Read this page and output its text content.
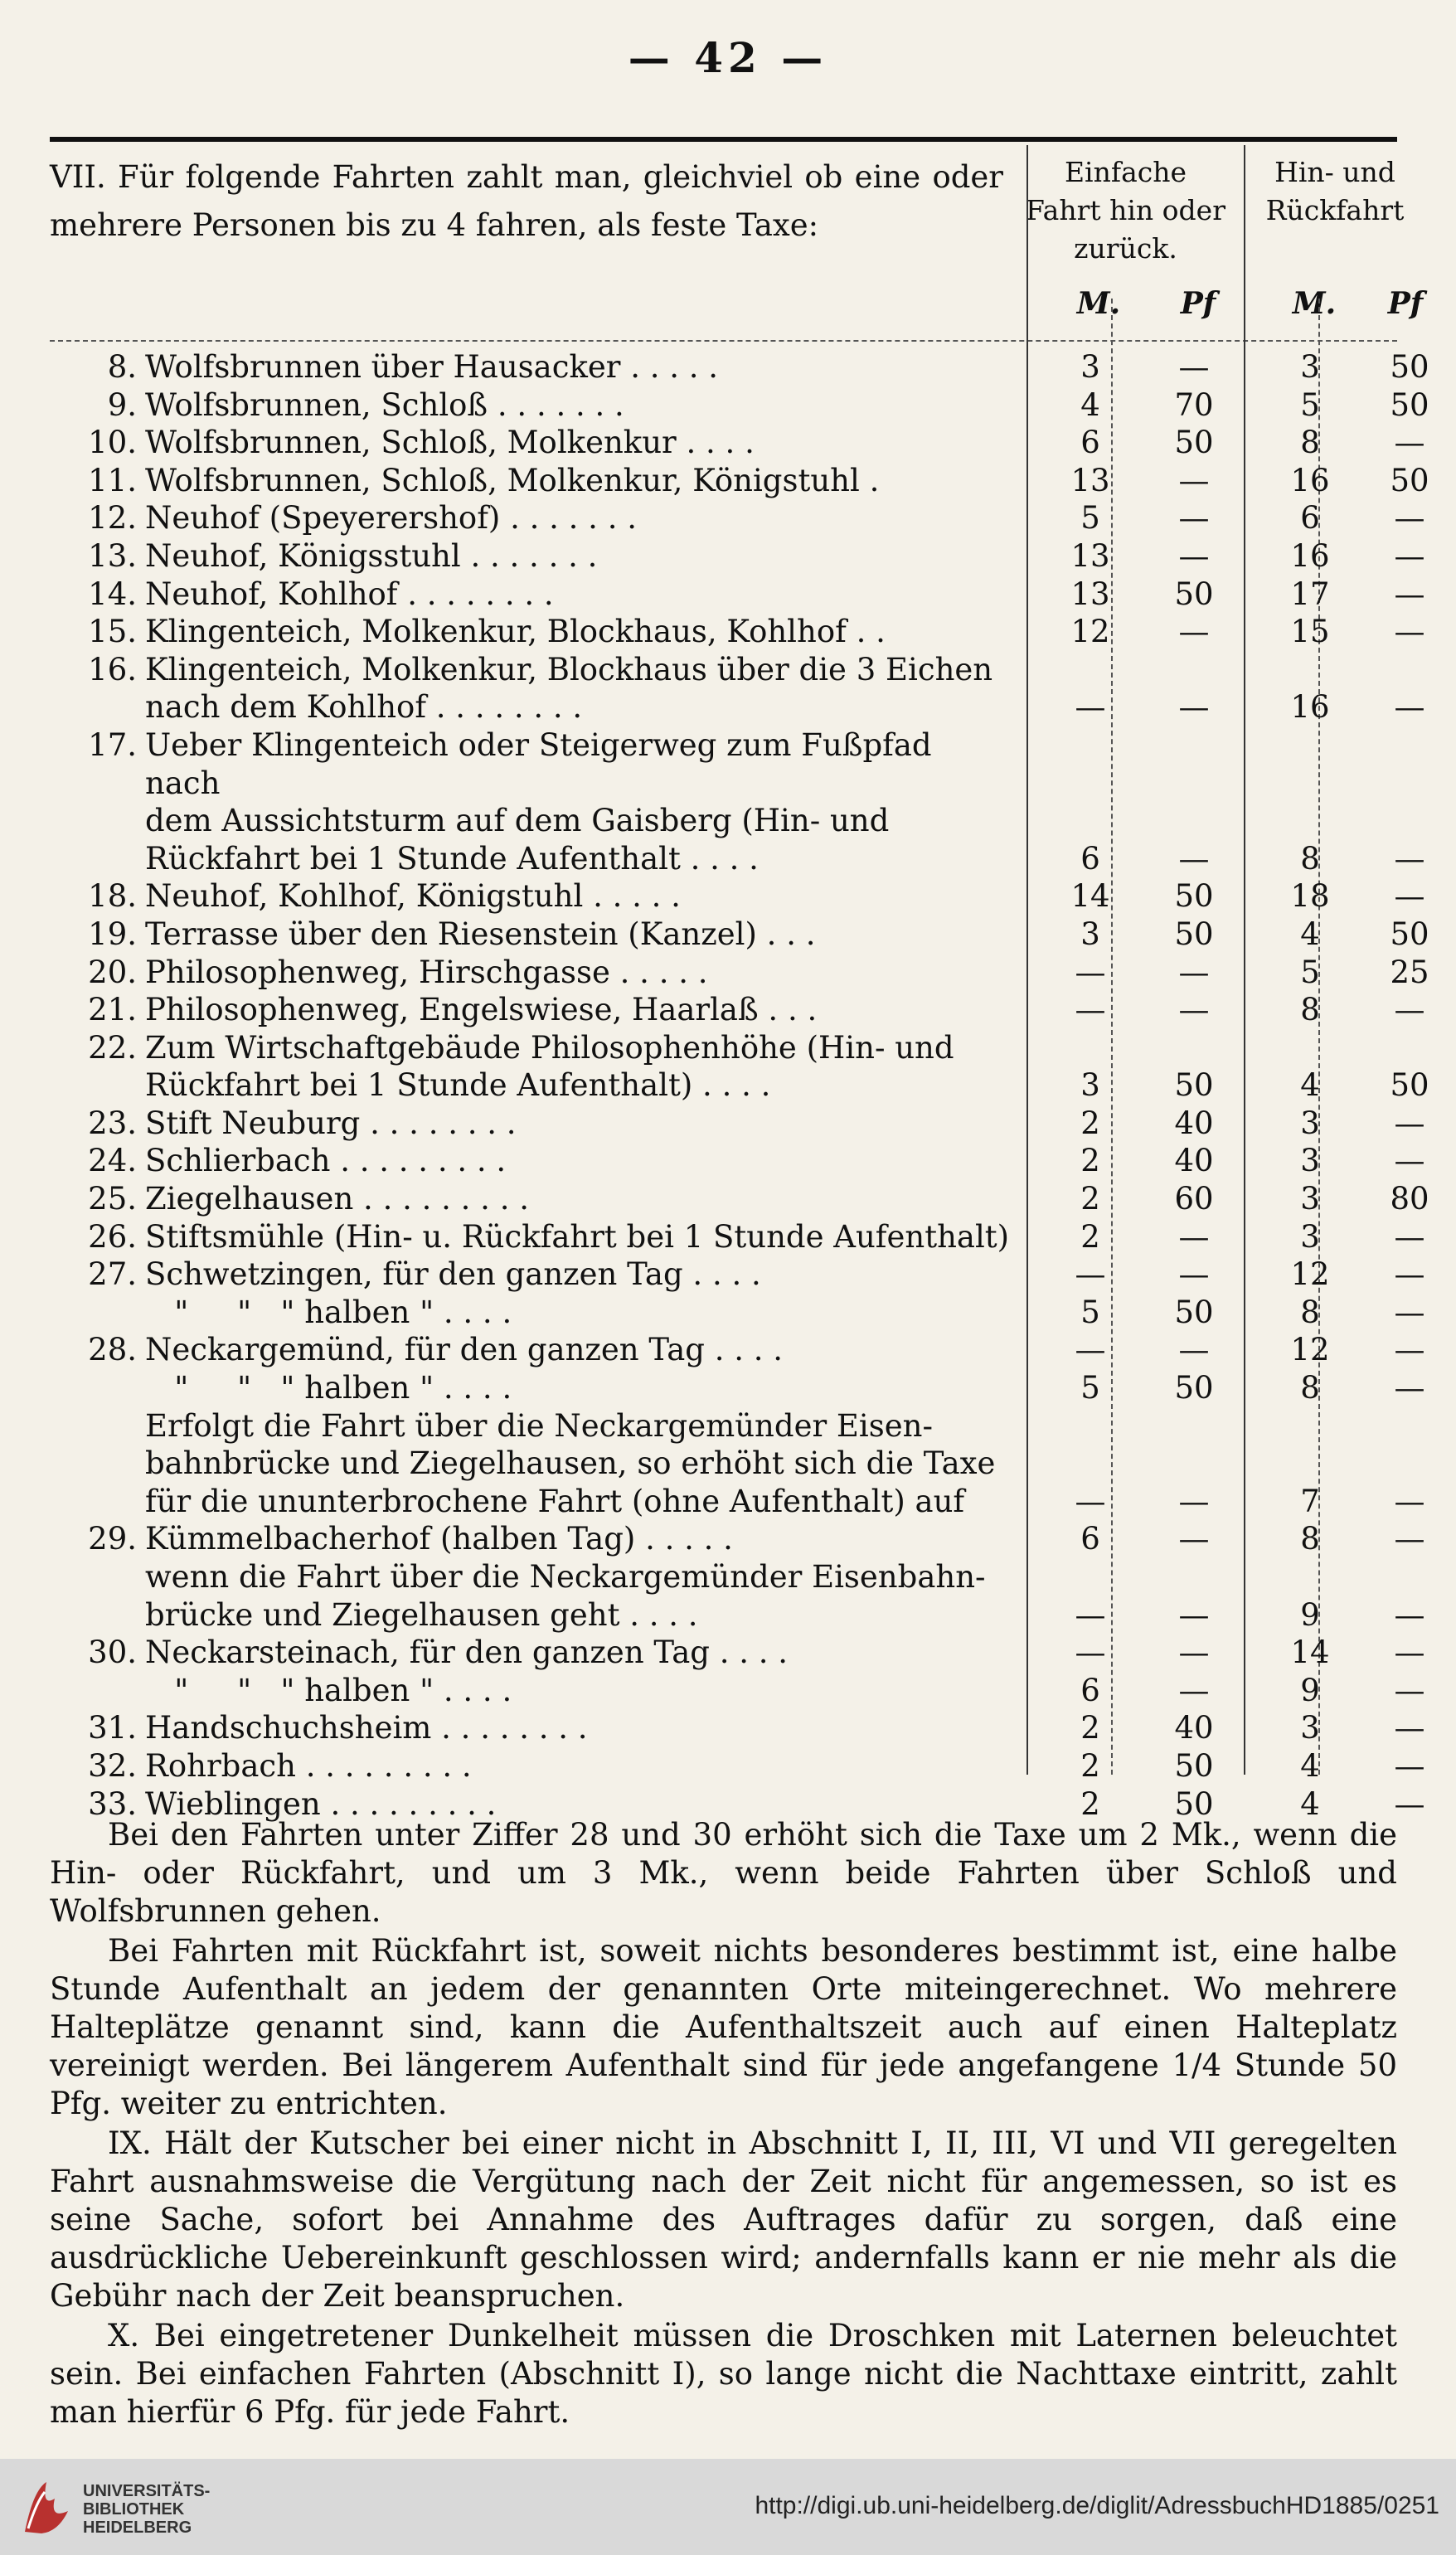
— 42 —
VII. Für folgende Fahrten zahlt man, gleichviel ob eine oder mehrere Personen bis zu 4 fahren, als feste Taxe:
Einfache Fahrt hin oder zurück.
Hin- und Rückfahrt
M.	Pf	M.	Pf
8. Wolfsbrunnen über Hausacker . . . . .	3	—	3	50
9. Wolfsbrunnen, Schloß . . . . . . .	4	70	5	50
10. Wolfsbrunnen, Schloß, Molkenkur . . . .	6	50	8	—
11. Wolfsbrunnen, Schloß, Molkenkur, Königstuhl .	13	—	16	50
12. Neuhof (Speyerershof) . . . . . . .	5	—	6	—
13. Neuhof, Königsstuhl . . . . . . .	13	—	16	—
14. Neuhof, Kohlhof . . . . . . . .	13	50	17	—
15. Klingenteich, Molkenkur, Blockhaus, Kohlhof . .	12	—	15	—
16. Klingenteich, Molkenkur, Blockhaus über die 3 Eichen
nach dem Kohlhof . . . . . . . .	—	—	16	—
17. Ueber Klingenteich oder Steigerweg zum Fußpfad nach
dem Aussichtsturm auf dem Gaisberg (Hin- und
Rückfahrt bei 1 Stunde Aufenthalt . . . .	6	—	8	—
18. Neuhof, Kohlhof, Königstuhl . . . . .	14	50	18	—
19. Terrasse über den Riesenstein (Kanzel) . . .	3	50	4	50
20. Philosophenweg, Hirschgasse . . . . .	—	—	5	25
21. Philosophenweg, Engelswiese, Haarlaß . . .	—	—	8	—
22. Zum Wirtschaftgebäude Philosophenhöhe (Hin- und
Rückfahrt bei 1 Stunde Aufenthalt) . . . .	3	50	4	50
23. Stift Neuburg . . . . . . . .	2	40	3	—
24. Schlierbach . . . . . . . . .	2	40	3	—
25. Ziegelhausen . . . . . . . . .	2	60	3	80
26. Stiftsmühle (Hin- u. Rückfahrt bei 1 Stunde Aufenthalt)	2	—	3	—
27. Schwetzingen, für den ganzen Tag . . . .	—	—	12	—
"     "   " halben " . . . .	5	50	8	—
28. Neckargemünd, für den ganzen Tag . . . .	—	—	12	—
"     "   " halben " . . . .	5	50	8	—
Erfolgt die Fahrt über die Neckargemünder Eisen-
bahnbrücke und Ziegelhausen, so erhöht sich die Taxe
für die ununterbrochene Fahrt (ohne Aufenthalt) auf	—	—	7	—
29. Kümmelbacherhof (halben Tag) . . . . .	6	—	8	—
wenn die Fahrt über die Neckargemünder Eisenbahn-
brücke und Ziegelhausen geht . . . .	—	—	9	—
30. Neckarsteinach, für den ganzen Tag . . . .	—	—	14	—
"     "   " halben " . . . .	6	—	9	—
31. Handschuchsheim . . . . . . . .	2	40	3	—
32. Rohrbach . . . . . . . . .	2	50	4	—
33. Wieblingen . . . . . . . . .	2	50	4	—

Bei den Fahrten unter Ziffer 28 und 30 erhöht sich die Taxe um 2 Mk., wenn die Hin- oder Rückfahrt, und um 3 Mk., wenn beide Fahrten über Schloß und Wolfsbrunnen gehen.

Bei Fahrten mit Rückfahrt ist, soweit nichts besonderes bestimmt ist, eine halbe Stunde Aufenthalt an jedem der genannten Orte miteingerechnet. Wo mehrere Halteplätze genannt sind, kann die Aufenthaltszeit auch auf einen Halteplatz vereinigt werden. Bei längerem Aufenthalt sind für jede angefangene 1/4 Stunde 50 Pfg. weiter zu entrichten.

IX. Hält der Kutscher bei einer nicht in Abschnitt I, II, III, VI und VII geregelten Fahrt ausnahmsweise die Vergütung nach der Zeit nicht für angemessen, so ist es seine Sache, sofort bei Annahme des Auftrages dafür zu sorgen, daß eine ausdrückliche Uebereinkunft geschlossen wird; andernfalls kann er nie mehr als die Gebühr nach der Zeit beanspruchen.

X. Bei eingetretener Dunkelheit müssen die Droschken mit Laternen beleuchtet sein. Bei einfachen Fahrten (Abschnitt I), so lange nicht die Nachttaxe eintritt, zahlt man hierfür 6 Pfg. für jede Fahrt.

UNIVERSITÄTS-
BIBLIOTHEK
HEIDELBERG
http://digi.ub.uni-heidelberg.de/diglit/AdressbuchHD1885/0251
